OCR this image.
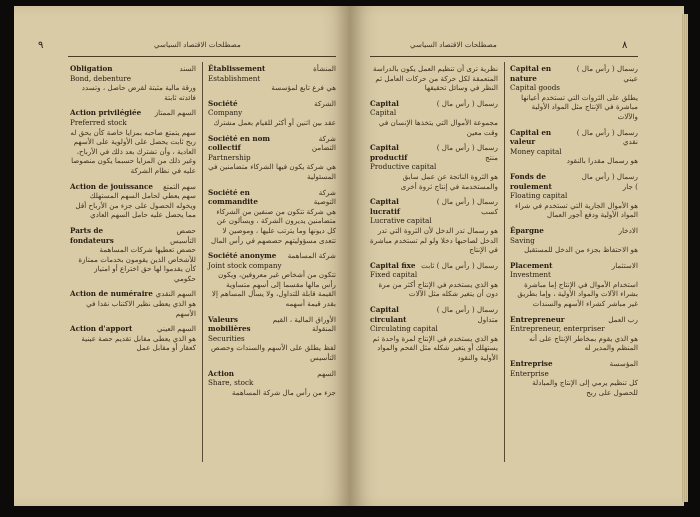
٩	مصطلحات الاقتصاد السياسي
Obligation	السند
Bond, debenture
ورقة مالية مثبتة لقرض حاصل ، وتسدد فائدته ثابتة
Action privilégiée السهم الممتاز
Preferred stock
سهم يتمتع صاحبه بمزايا خاصة كأن يحق له ربح ثابت يحصل على الأولوية على الأسهم العادية ، وأن تشترك بعد ذلك في الأرباح، وغير ذلك من المزايا حسبما يكون منصوصا عليه في نظام الشركة
Action de jouissance سهم التمتع
سهم يعطي لحامل السهم المستهلك ويخوله الحصول على جزء من الأرباح أقل مما يحصل عليه حامل السهم العادي
Parts de fondateurs
حصص التأسيس
حصص تعطيها شركات المساهمة للأشخاص الذين يقومون بخدمات ممتازة كأن يقدموا لها حق اختراع أو امتياز حكومي
Action de numéraire السهم النقدي
هو الذي يعطى نظير الاكتتاب نقدا في الأسهم
Action d'apport	السهم العيني
هو الذي يعطى مقابل تقديم حصة عينية كعقار أو مقابل عمل
Établissement	المنشأة
Establishment
هي فرع تابع لمؤسسة
Société	الشركة
Company
عقد بين اثنين أو أكثر للقيام بعمل مشترك
Société en nom collectif
شركة التضامن
Partnership
هي شركة يكون فيها الشركاء متضامنين في المسئولية
Société en commandite
شركة التوصية
هي شركة تتكون من صنفين من الشركاء متضامنين يديرون الشركة ، ويسألون عن كل ديونها وما يترتب عليها ، وموصين لا تتعدى مسؤوليتهم حصصهم في رأس المال
Société anonyme شركة المساهمة
Joint stock company
تتكون من أشخاص غير معروفين، ويكون رأس مالها مقسما إلى أسهم متساوية القيمة قابلة للتداول، ولا يسأل المساهم إلا بقدر قيمة أسهمه
Valeurs mobilières
الأوراق المالية ، القيم المنقولة
Securities
لفظ يطلق على الأسهم والسندات وحصص التأسيس
Action	السهم
Share, stock
جزء من رأس مال شركة المساهمة
مصطلحات الاقتصاد السياسي	٨
نظرية ترى أن تنظيم العمل يكون بالدراسة المتعمقة لكل حركة من حركات العامل ثم النظر في وسائل تحقيقها
Capital	رسمال ( رأس مال )
Capital
مجموعة الأموال التي يتخذها الإنسان في وقت معين
Capital productif
رسمال ( رأس مال ) منتج
Productive capital
هو الثروة الناتجة عن عمل سابق والمستخدمة في إنتاج ثروة أخرى
Capital lucratif
رسمال ( رأس مال ) كسب
Lucrative capital
هو رسمال تدر الدخل لأن الثروة التي تدر الدخل لصاحبها دخلا ولو لم تستخدم مباشرة في الإنتاج
Capital fixe رسمال ( رأس مال ) ثابت
Fixed capital
هو الذي يستخدم في الإنتاج أكثر من مرة دون أن يتغير شكله مثل الآلات
Capital circulant
رسمال ( رأس مال ) متداول
Circulating capital
هو الذي يستخدم في الإنتاج لمرة واحدة ثم يستهلك أو يتغير شكله مثل الفحم والمواد الأولية والنقود
Capital en nature
رسمال ( رأس مال ) عيني
Capital goods
يطلق على الثروات التي تستخدم أعيانها مباشرة في الإنتاج مثل المواد الأولية والآلات
Capital en valeur
رسمال ( رأس مال ) نقدي
Money capital
هو رسمال مقدرا بالنقود
Fonds de roulement
رسمال ( رأس مال ) جار
Floating capital
هو الأموال الجارية التي تستخدم في شراء المواد الأولية ودفع أجور العمال
Épargne	الادخار
Saving
هو الاحتفاظ بجزء من الدخل للمستقبل
Placement	الاستثمار
Investment
استخدام الأموال في الإنتاج إما مباشرة بشراء الآلات والمواد الأولية ، وإما بطريق غير مباشر كشراء الأسهم والسندات
Entrepreneur	رب العمل
Entrepreneur, enterpriser
هو الذي يقوم بمخاطر الإنتاج على أنه المنظم والمدير له
Entreprise	المؤسسة
Enterprise
كل تنظيم يرمي إلى الإنتاج والمبادلة للحصول على ربح
